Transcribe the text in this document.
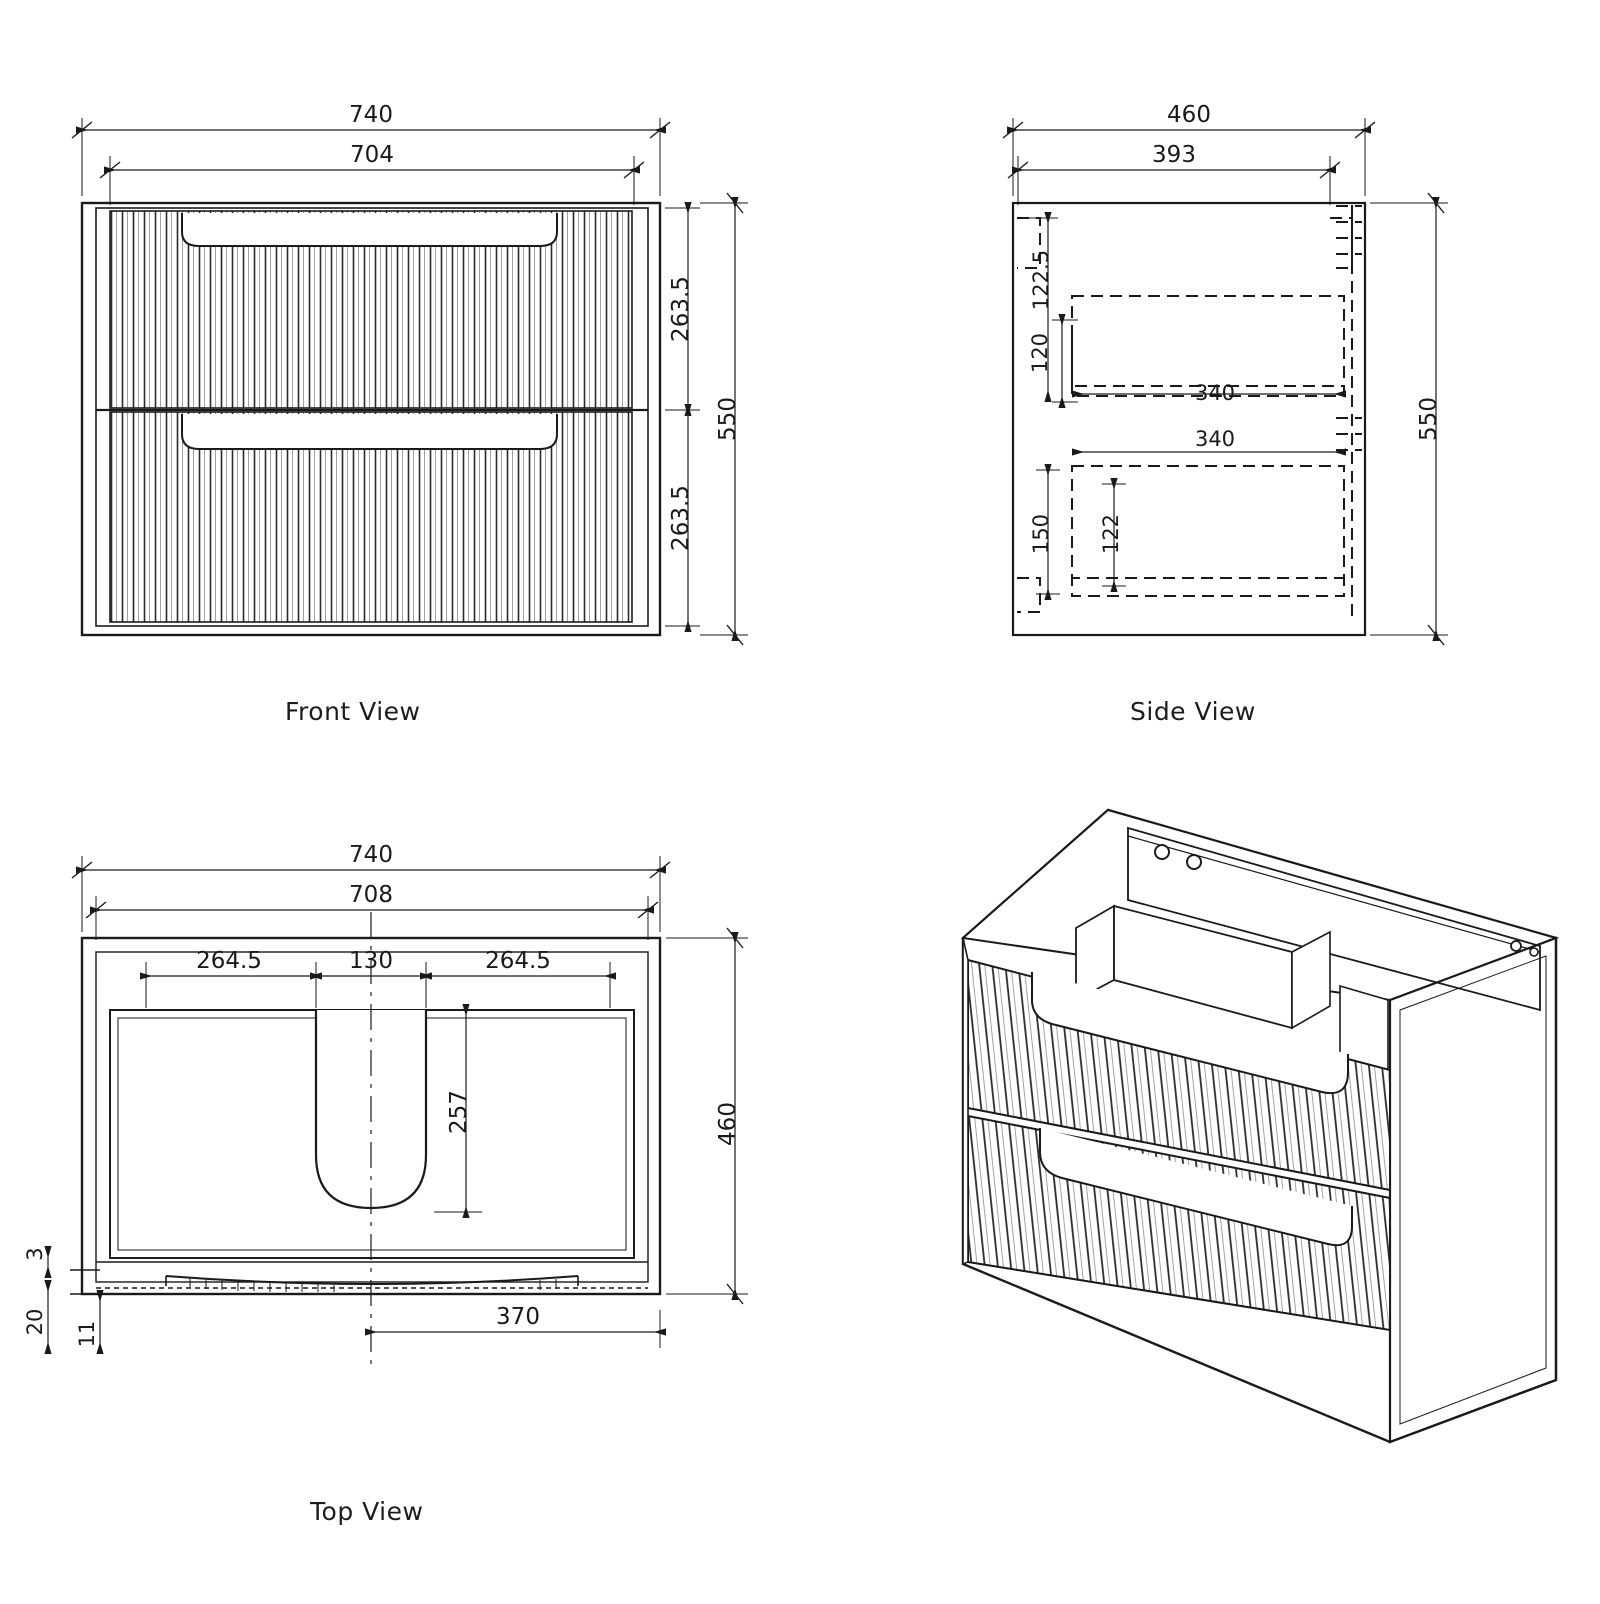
Front View	Side View
Top View
740
704
263.5
263.5
550
460
393
122.5
120
340
340
150 122
550
740
708
264.5	130	264.5
257	460
370
3
20 11
